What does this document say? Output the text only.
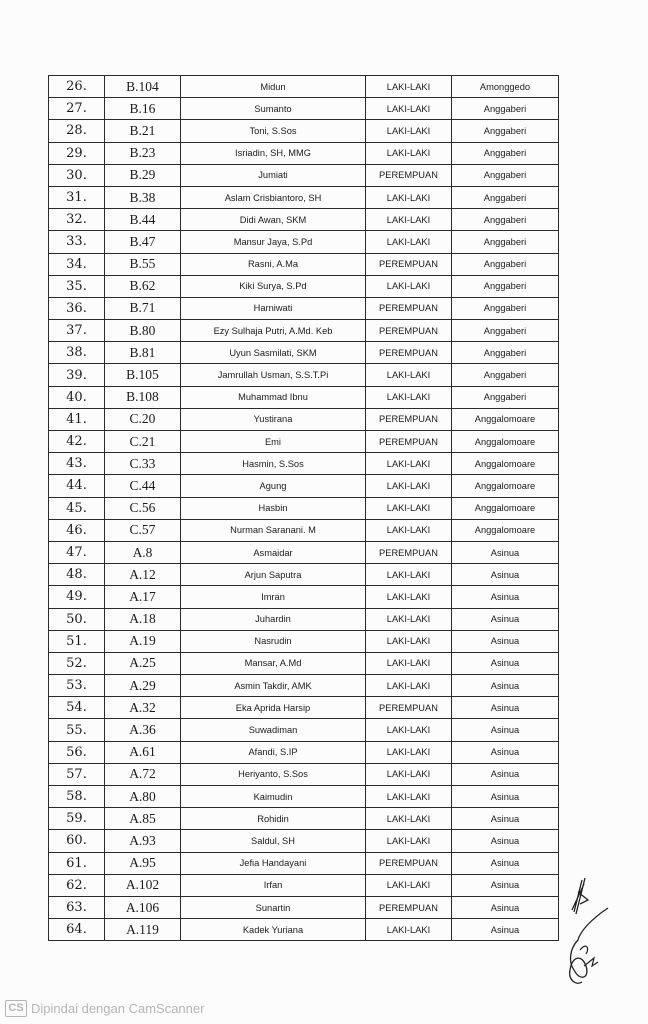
26.	B.104	Midun	LAKI-LAKI	Amonggedo
27.	B.16	Sumanto	LAKI-LAKI	Anggaberi
28.	B.21	Toni, S.Sos	LAKI-LAKI	Anggaberi
29.	B.23	Isriadin, SH, MMG	LAKI-LAKI	Anggaberi
30.	B.29	Jumiati	PEREMPUAN	Anggaberi
31.	B.38	Aslam Crisbiantoro, SH	LAKI-LAKI	Anggaberi
32.	B.44	Didi Awan, SKM	LAKI-LAKI	Anggaberi
33.	B.47	Mansur Jaya, S.Pd	LAKI-LAKI	Anggaberi
34.	B.55	Rasni, A.Ma	PEREMPUAN	Anggaberi
35.	B.62	Kiki Surya, S.Pd	LAKI-LAKI	Anggaberi
36.	B.71	Harniwati	PEREMPUAN	Anggaberi
37.	B.80	Ezy Sulhaja Putri, A.Md. Keb	PEREMPUAN	Anggaberi
38.	B.81	Uyun Sasmilati, SKM	PEREMPUAN	Anggaberi
39.	B.105	Jamrullah Usman, S.S.T.Pi	LAKI-LAKI	Anggaberi
40.	B.108	Muhammad Ibnu	LAKI-LAKI	Anggaberi
41.	C.20	Yustirana	PEREMPUAN	Anggalomoare
42.	C.21	Emi	PEREMPUAN	Anggalomoare
43.	C.33	Hasmin, S.Sos	LAKI-LAKI	Anggalomoare
44.	C.44	Agung	LAKI-LAKI	Anggalomoare
45.	C.56	Hasbin	LAKI-LAKI	Anggalomoare
46.	C.57	Nurman Saranani. M	LAKI-LAKI	Anggalomoare
47.	A.8	Asmaidar	PEREMPUAN	Asinua
48.	A.12	Arjun Saputra	LAKI-LAKI	Asinua
49.	A.17	Imran	LAKI-LAKI	Asinua
50.	A.18	Juhardin	LAKI-LAKI	Asinua
51.	A.19	Nasrudin	LAKI-LAKI	Asinua
52.	A.25	Mansar, A.Md	LAKI-LAKI	Asinua
53.	A.29	Asmin Takdir, AMK	LAKI-LAKI	Asinua
54.	A.32	Eka Aprida Harsip	PEREMPUAN	Asinua
55.	A.36	Suwadiman	LAKI-LAKI	Asinua
56.	A.61	Afandi, S.IP	LAKI-LAKI	Asinua
57.	A.72	Heriyanto, S.Sos	LAKI-LAKI	Asinua
58.	A.80	Kaimudin	LAKI-LAKI	Asinua
59.	A.85	Rohidin	LAKI-LAKI	Asinua
60.	A.93	Saldul, SH	LAKI-LAKI	Asinua
61.	A.95	Jefia Handayani	PEREMPUAN	Asinua
62.	A.102	Irfan	LAKI-LAKI	Asinua
63.	A.106	Sunartin	PEREMPUAN	Asinua
64.	A.119	Kadek Yuriana	LAKI-LAKI	Asinua
CS Dipindai dengan CamScanner
